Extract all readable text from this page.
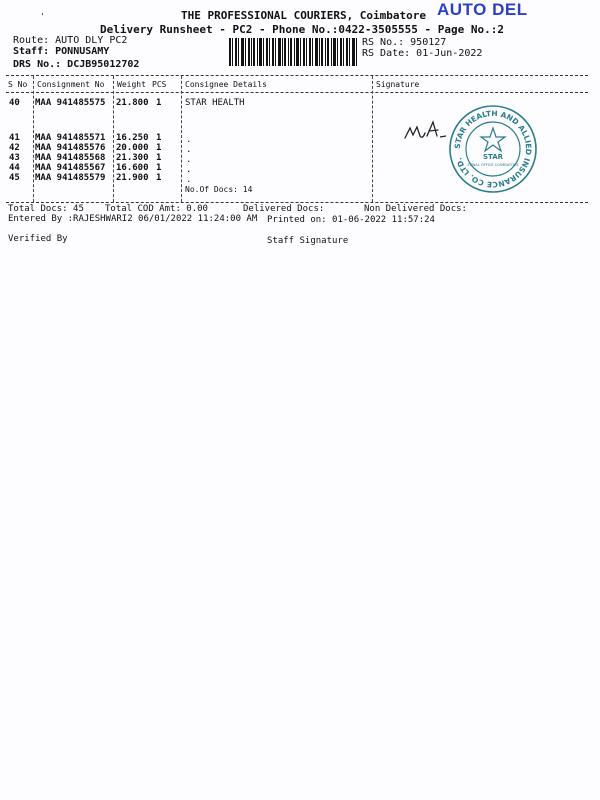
'	THE PROFESSIONAL COURIERS, Coimbatore
Delivery Runsheet - PC2 - Phone No.:0422-3505555 - Page No.:2
AUTO DEL
Route: AUTO DLY PC2
Staff: PONNUSAMY
DRS No.: DCJB95012702
RS No.: 950127
RS Date: 01-Jun-2022
S No Consignment No Weight PCS Consignee Details	Signature
40 MAA 941485575 21.800 1	STAR HEALTH
41 MAA 941485571 16.250 1
42 MAA 941485576 20.000 1
43 MAA 941485568 21.300 1
44 MAA 941485567 16.600 1
45 MAA 941485579 21.900 1
.
.
.
.
.
No.Of Docs: 14
STAR HEALTH AND ALLIED INSURANCE CO. LTD.	STAR
ZONAL OFFICE COIMBATORE
Total Docs: 45 Total COD Amt: 0.00	Delivered Docs:	Non Delivered Docs:
Entered By :RAJESHWARI2 06/01/2022 11:24:00 AM Printed on: 01-06-2022 11:57:24
Verified By	Staff Signature
